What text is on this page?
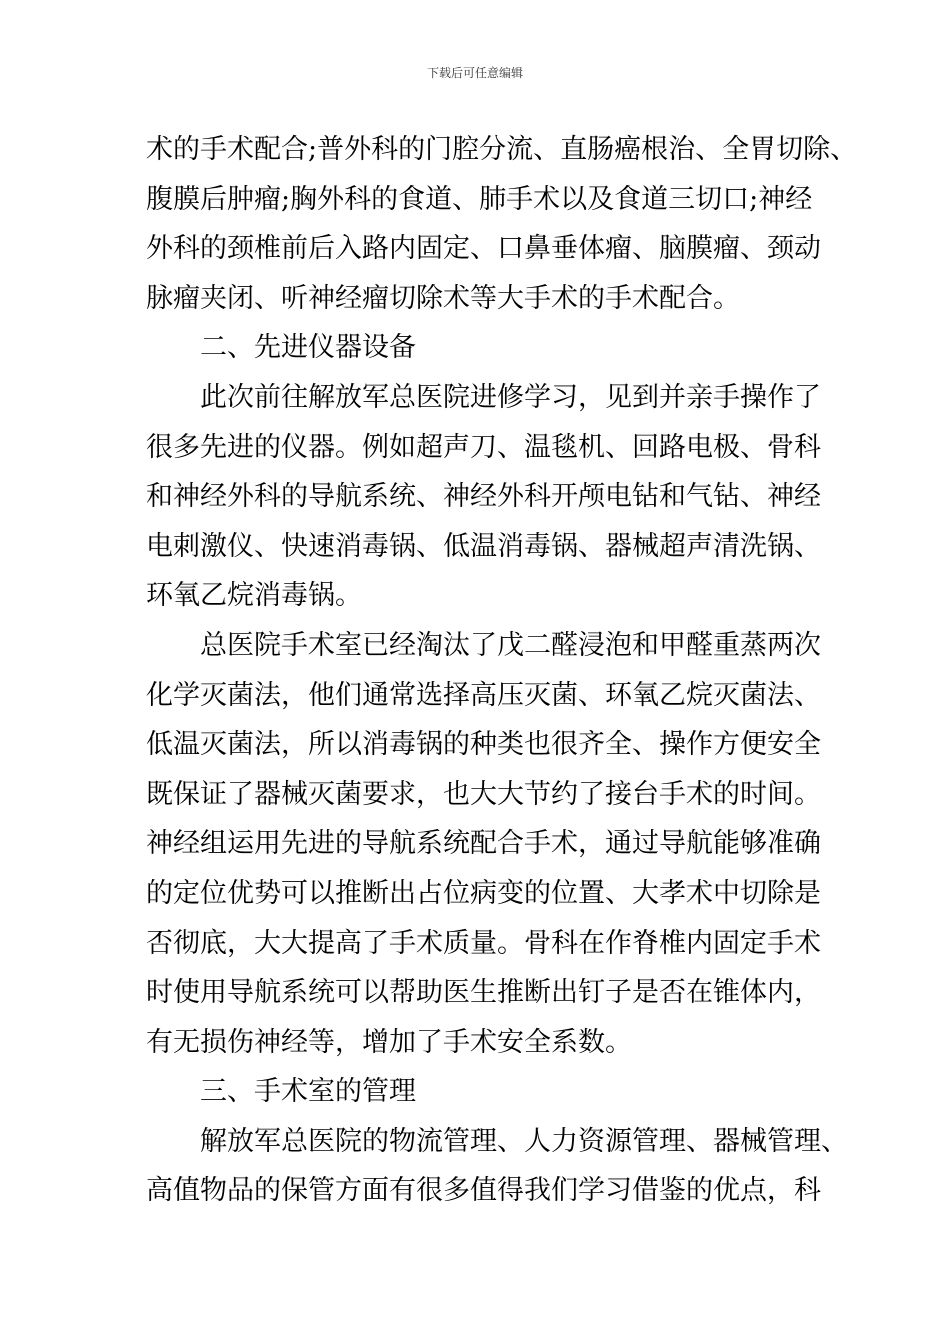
下载后可任意编辑
术的手术配合;普外科的门腔分流、直肠癌根治、全胃切除、
腹膜后肿瘤;胸外科的食道、肺手术以及食道三切口;神经
外科的颈椎前后入路内固定、口鼻垂体瘤、脑膜瘤、颈动
脉瘤夹闭、听神经瘤切除术等大手术的手术配合。
二、先进仪器设备
此次前往解放军总医院进修学习，见到并亲手操作了
很多先进的仪器。例如超声刀、温毯机、回路电极、骨科
和神经外科的导航系统、神经外科开颅电钻和气钻、神经
电刺激仪、快速消毒锅、低温消毒锅、器械超声清洗锅、
环氧乙烷消毒锅。
总医院手术室已经淘汰了戊二醛浸泡和甲醛重蒸两次
化学灭菌法，他们通常选择高压灭菌、环氧乙烷灭菌法、
低温灭菌法，所以消毒锅的种类也很齐全、操作方便安全
既保证了器械灭菌要求，也大大节约了接台手术的时间。
神经组运用先进的导航系统配合手术，通过导航能够准确
的定位优势可以推断出占位病变的位置、大孝术中切除是
否彻底，大大提高了手术质量。骨科在作脊椎内固定手术
时使用导航系统可以帮助医生推断出钉子是否在锥体内，
有无损伤神经等，增加了手术安全系数。
三、手术室的管理
解放军总医院的物流管理、人力资源管理、器械管理、
高值物品的保管方面有很多值得我们学习借鉴的优点，科
